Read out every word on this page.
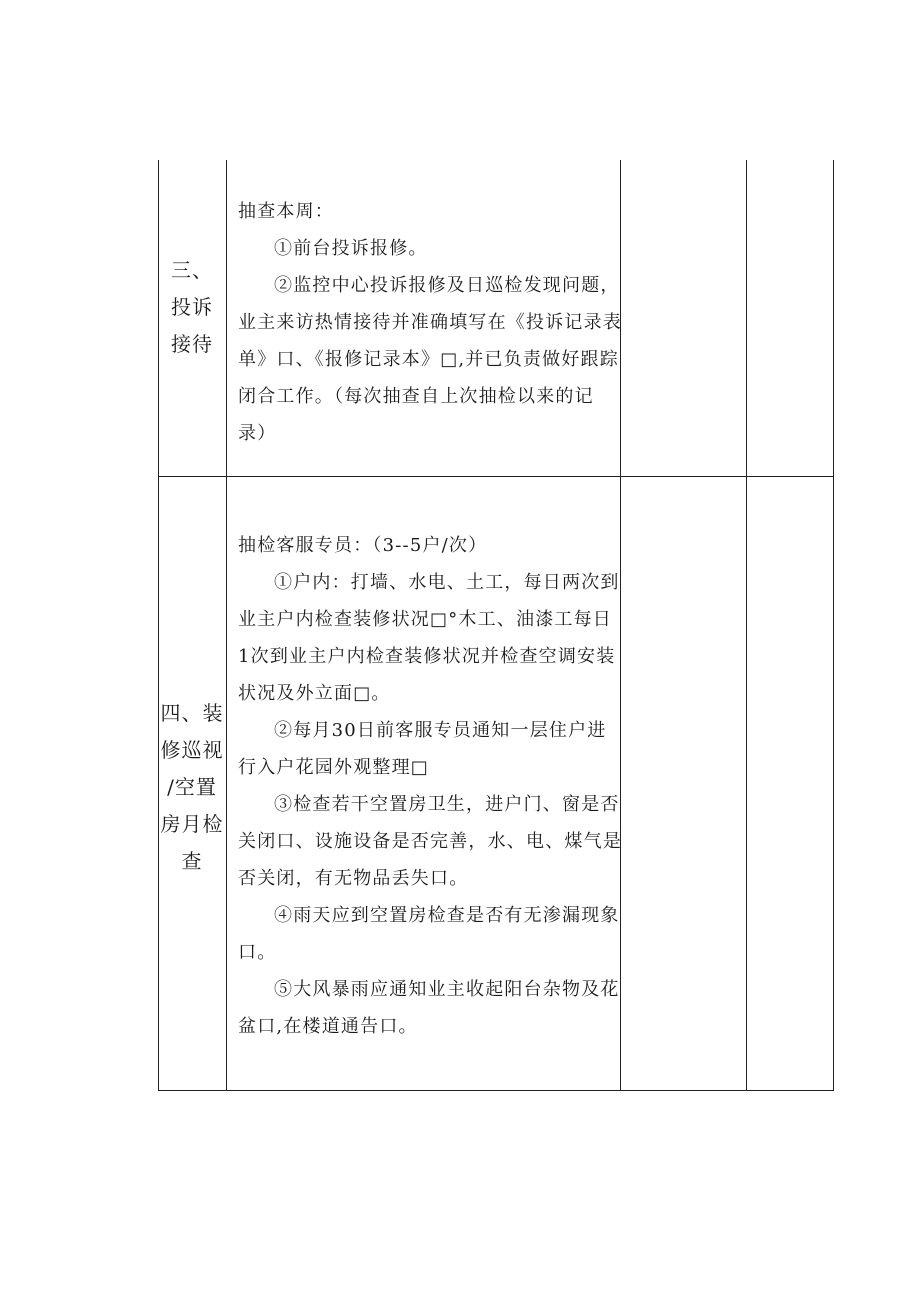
三、
投诉
接待

抽查本周：

①前台投诉报修。

②监控中心投诉报修及日巡检发现问题，业主来访热情接待并准确填写在《投诉记录表单》口、《报修记录本》□,并已负责做好跟踪闭合工作。（每次抽查自上次抽检以来的记录）

四、装
修巡视
/空置
房月检
查

抽检客服专员：（3--5户/次）

①户内：打墙、水电、土工，每日两次到业主户内检查装修状况□°木工、油漆工每日1次到业主户内检查装修状况并检查空调安装状况及外立面□。

②每月30日前客服专员通知一层住户进行入户花园外观整理□

③检查若干空置房卫生，进户门、窗是否关闭口、设施设备是否完善，水、电、煤气是否关闭，有无物品丢失口。

④雨天应到空置房检查是否有无渗漏现象口。

⑤大风暴雨应通知业主收起阳台杂物及花盆口,在楼道通告口。
